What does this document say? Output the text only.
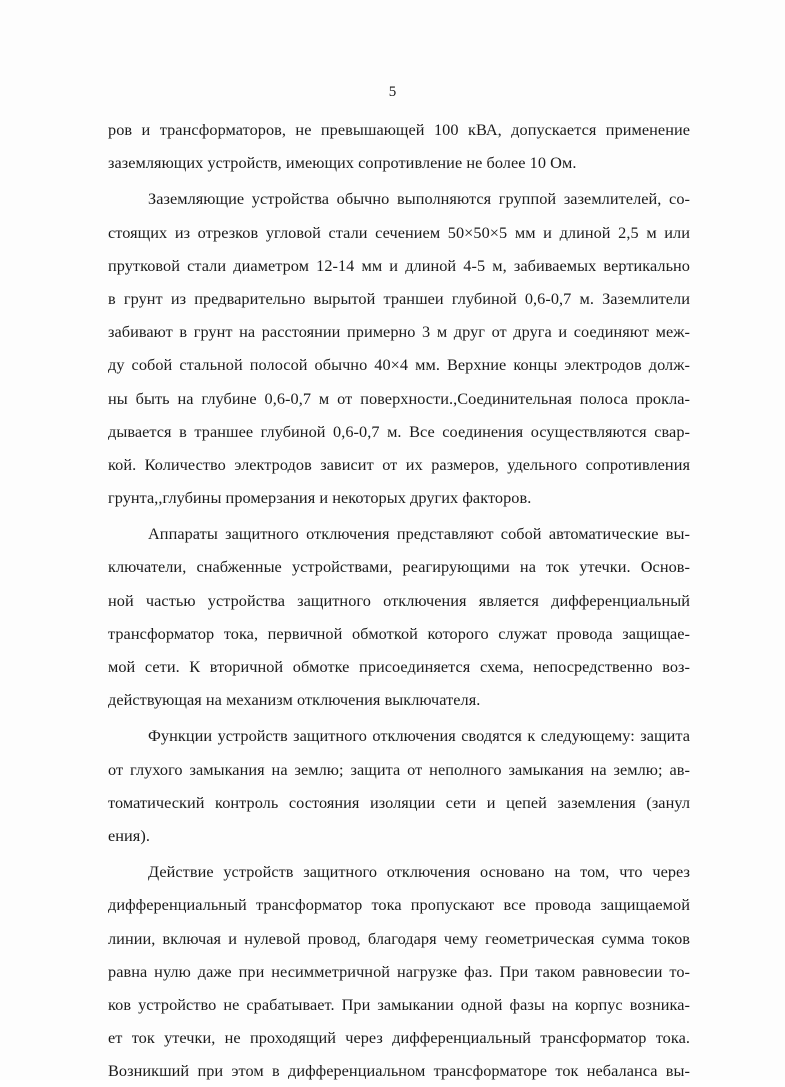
5
ров и трансформаторов, не превышающей 100 кВА, допускается применение
заземляющих устройств, имеющих сопротивление не более 10 Ом.
Заземляющие устройства обычно выполняются группой заземлителей, со-
стоящих из отрезков угловой стали сечением 50×50×5 мм и длиной 2,5 м или
прутковой стали диаметром 12-14 мм и длиной 4-5 м, забиваемых вертикально
в грунт из предварительно вырытой траншеи глубиной 0,6-0,7 м. Заземлители
забивают в грунт на расстоянии примерно 3 м друг от друга и соединяют меж-
ду собой стальной полосой обычно 40×4 мм. Верхние концы электродов долж-
ны быть на глубине 0,6-0,7 м от поверхности.,Соединительная полоса прокла-
дывается в траншее глубиной 0,6-0,7 м. Все соединения осуществляются свар-
кой. Количество электродов зависит от их размеров, удельного сопротивления
грунта,,глубины промерзания и некоторых других факторов.
Аппараты защитного отключения представляют собой автоматические вы-
ключатели, снабженные устройствами, реагирующими на ток утечки. Основ-
ной частью устройства защитного отключения является дифференциальный
трансформатор тока, первичной обмоткой которого служат провода защищае-
мой сети. К вторичной обмотке присоединяется схема, непосредственно воз-
действующая на механизм отключения выключателя.
Функции устройств защитного отключения сводятся к следующему: защита
от глухого замыкания на землю; защита от неполного замыкания на землю; ав-
томатический контроль состояния изоляции сети и цепей заземления (занул
ения).
Действие устройств защитного отключения основано на том, что через
дифференциальный трансформатор тока пропускают все провода защищаемой
линии, включая и нулевой провод, благодаря чему геометрическая сумма токов
равна нулю даже при несимметричной нагрузке фаз. При таком равновесии то-
ков устройство не срабатывает. При замыкании одной фазы на корпус возника-
ет ток утечки, не проходящий через дифференциальный трансформатор тока.
Возникший при этом в дифференциальном трансформаторе ток небаланса вы-
